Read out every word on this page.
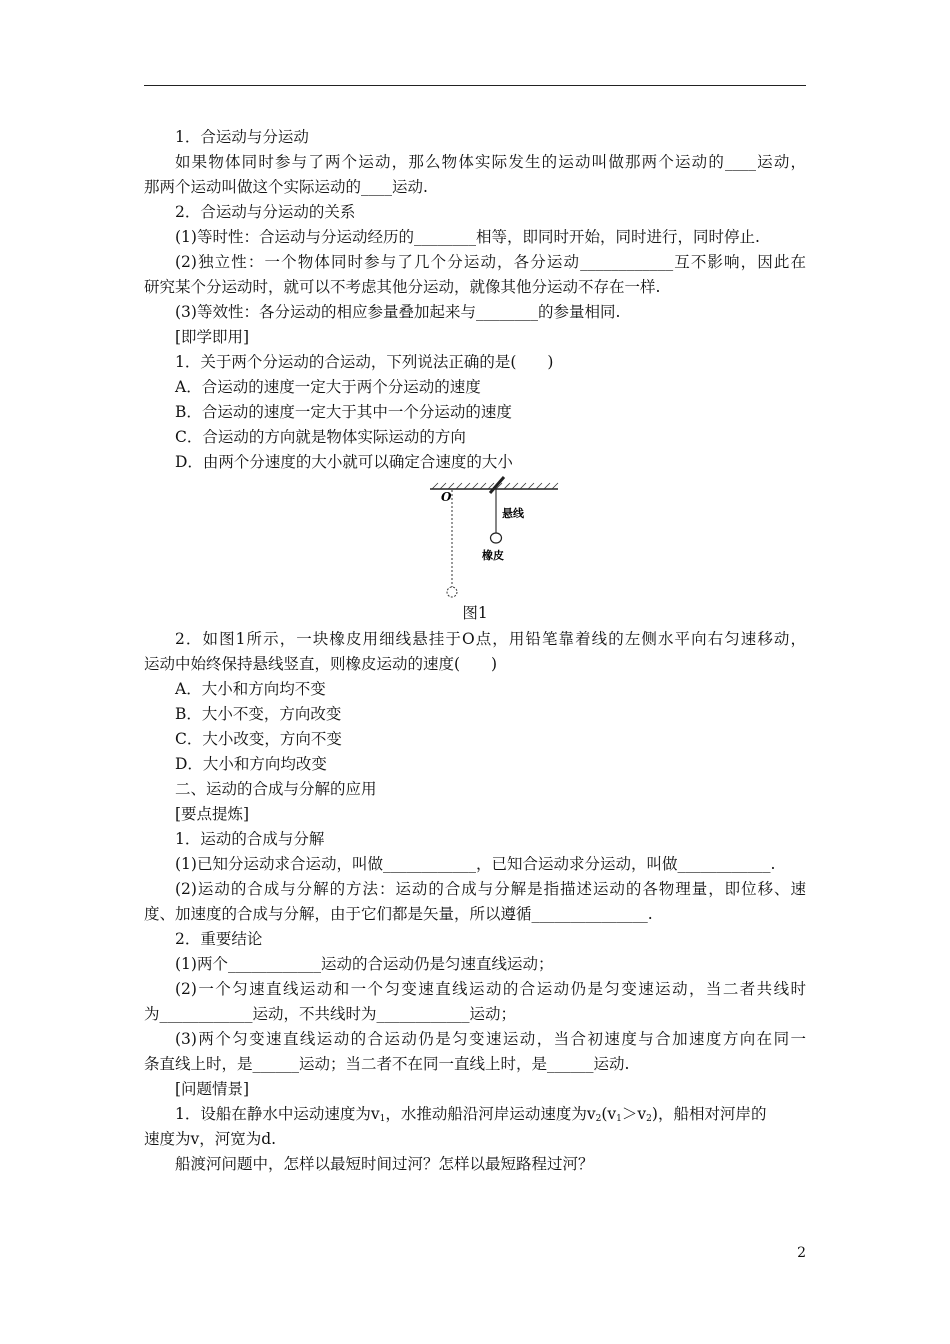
1．合运动与分运动
如果物体同时参与了两个运动，那么物体实际发生的运动叫做那两个运动的____运动，
那两个运动叫做这个实际运动的____运动.
2．合运动与分运动的关系
(1)等时性：合运动与分运动经历的________相等，即同时开始，同时进行，同时停止.
(2)独立性：一个物体同时参与了几个分运动，各分运动____________互不影响，因此在
研究某个分运动时，就可以不考虑其他分运动，就像其他分运动不存在一样.
(3)等效性：各分运动的相应参量叠加起来与________的参量相同.
[即学即用]
1．关于两个分运动的合运动，下列说法正确的是(　　)
A．合运动的速度一定大于两个分运动的速度
B．合运动的速度一定大于其中一个分运动的速度
C．合运动的方向就是物体实际运动的方向
D．由两个分速度的大小就可以确定合速度的大小
O
悬线
橡皮
图1
2．如图1所示，一块橡皮用细线悬挂于O点，用铅笔靠着线的左侧水平向右匀速移动，
运动中始终保持悬线竖直，则橡皮运动的速度(　　)
A．大小和方向均不变
B．大小不变，方向改变
C．大小改变，方向不变
D．大小和方向均改变
二、运动的合成与分解的应用
[要点提炼]
1．运动的合成与分解
(1)已知分运动求合运动，叫做____________，已知合运动求分运动，叫做____________.
(2)运动的合成与分解的方法：运动的合成与分解是指描述运动的各物理量，即位移、速
度、加速度的合成与分解，由于它们都是矢量，所以遵循_______________.
2．重要结论
(1)两个____________运动的合运动仍是匀速直线运动；
(2)一个匀速直线运动和一个匀变速直线运动的合运动仍是匀变速运动，当二者共线时
为____________运动，不共线时为____________运动；
(3)两个匀变速直线运动的合运动仍是匀变速运动，当合初速度与合加速度方向在同一
条直线上时，是______运动；当二者不在同一直线上时，是______运动.
[问题情景]
1．设船在静水中运动速度为$v_1$，水推动船沿河岸运动速度为$v_2(v_1>v_2)$，船相对河岸的
速度为v，河宽为d.
船渡河问题中，怎样以最短时间过河？怎样以最短路程过河？
2
